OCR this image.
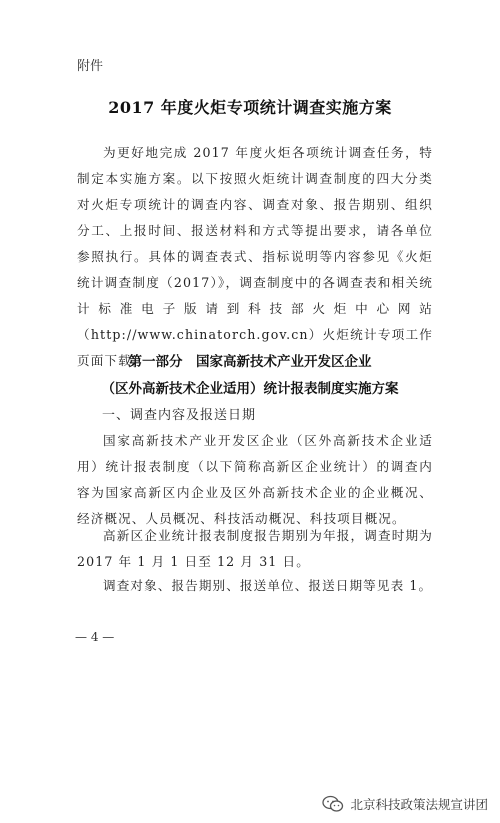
附件
2017 年度火炬专项统计调查实施方案
为更好地完成 2017 年度火炬各项统计调查任务，特制定本实施方案。以下按照火炬统计调查制度的四大分类对火炬专项统计的调查内容、调查对象、报告期别、组织分工、上报时间、报送材料和方式等提出要求，请各单位参照执行。具体的调查表式、指标说明等内容参见《火炬统计调查制度（2017）》，调查制度中的各调查表和相关统计标准电子版请到科技部火炬中心网站（http://www.chinatorch.gov.cn）火炬统计专项工作页面下载。
第一部分　国家高新技术产业开发区企业
（区外高新技术企业适用）统计报表制度实施方案
一、调查内容及报送日期
国家高新技术产业开发区企业（区外高新技术企业适用）统计报表制度（以下简称高新区企业统计）的调查内容为国家高新区内企业及区外高新技术企业的企业概况、经济概况、人员概况、科技活动概况、科技项目概况。
高新区企业统计报表制度报告期别为年报，调查时期为 2017 年 1 月 1 日至 12 月 31 日。
调查对象、报告期别、报送单位、报送日期等见表 1。
— 4 —
北京科技政策法规宣讲团
